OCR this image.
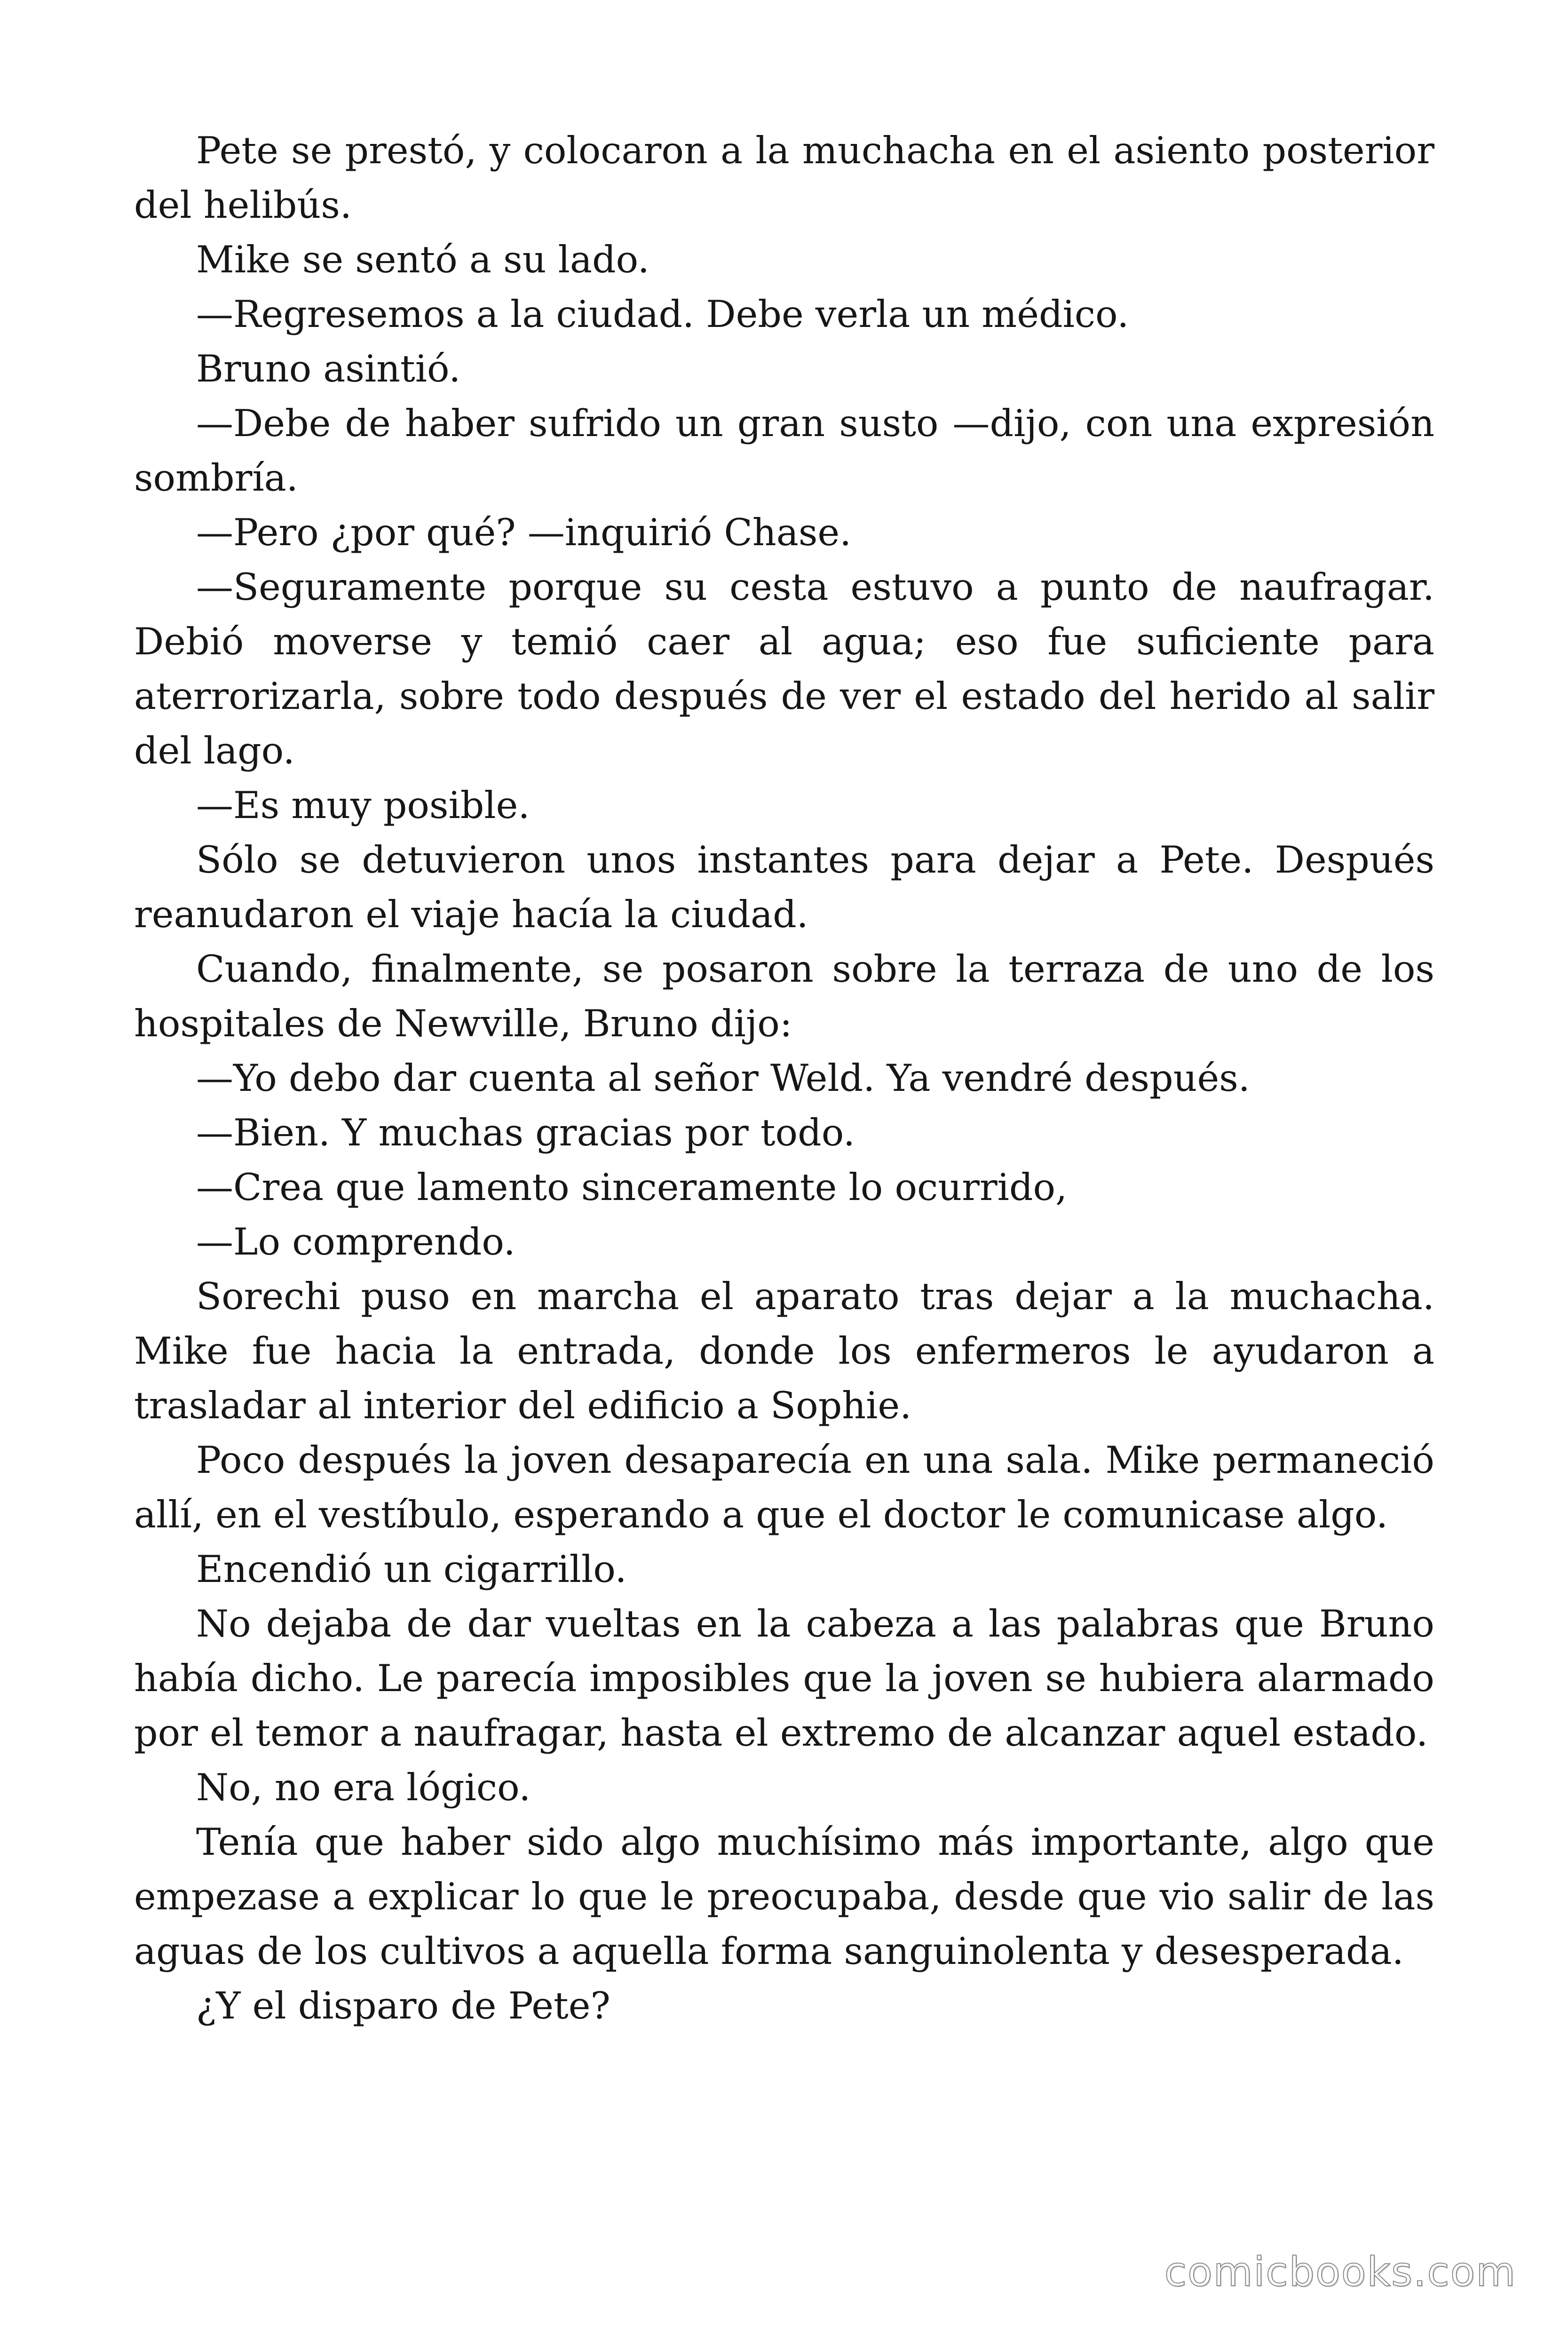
Pete se prestó, y colocaron a la muchacha en el asiento posterior del helibús.

Mike se sentó a su lado.

—Regresemos a la ciudad. Debe verla un médico.

Bruno asintió.

—Debe de haber sufrido un gran susto —dijo, con una expresión sombría.

—Pero ¿por qué? —inquirió Chase.

—Seguramente porque su cesta estuvo a punto de naufragar. Debió moverse y temió caer al agua; eso fue suficiente para aterrorizarla, sobre todo después de ver el estado del herido al salir del lago.

—Es muy posible.

Sólo se detuvieron unos instantes para dejar a Pete. Después reanudaron el viaje hacía la ciudad.

Cuando, finalmente, se posaron sobre la terraza de uno de los hospitales de Newville, Bruno dijo:

—Yo debo dar cuenta al señor Weld. Ya vendré después.

—Bien. Y muchas gracias por todo.

—Crea que lamento sinceramente lo ocurrido,

—Lo comprendo.

Sorechi puso en marcha el aparato tras dejar a la muchacha. Mike fue hacia la entrada, donde los enfermeros le ayudaron a trasladar al interior del edificio a Sophie.

Poco después la joven desaparecía en una sala. Mike permaneció allí, en el vestíbulo, esperando a que el doctor le comunicase algo.

Encendió un cigarrillo.

No dejaba de dar vueltas en la cabeza a las palabras que Bruno había dicho. Le parecía imposibles que la joven se hubiera alarmado por el temor a naufragar, hasta el extremo de alcanzar aquel estado.

No, no era lógico.

Tenía que haber sido algo muchísimo más importante, algo que empezase a explicar lo que le preocupaba, desde que vio salir de las aguas de los cultivos a aquella forma sanguinolenta y desesperada.

¿Y el disparo de Pete?

comicbooks.com
